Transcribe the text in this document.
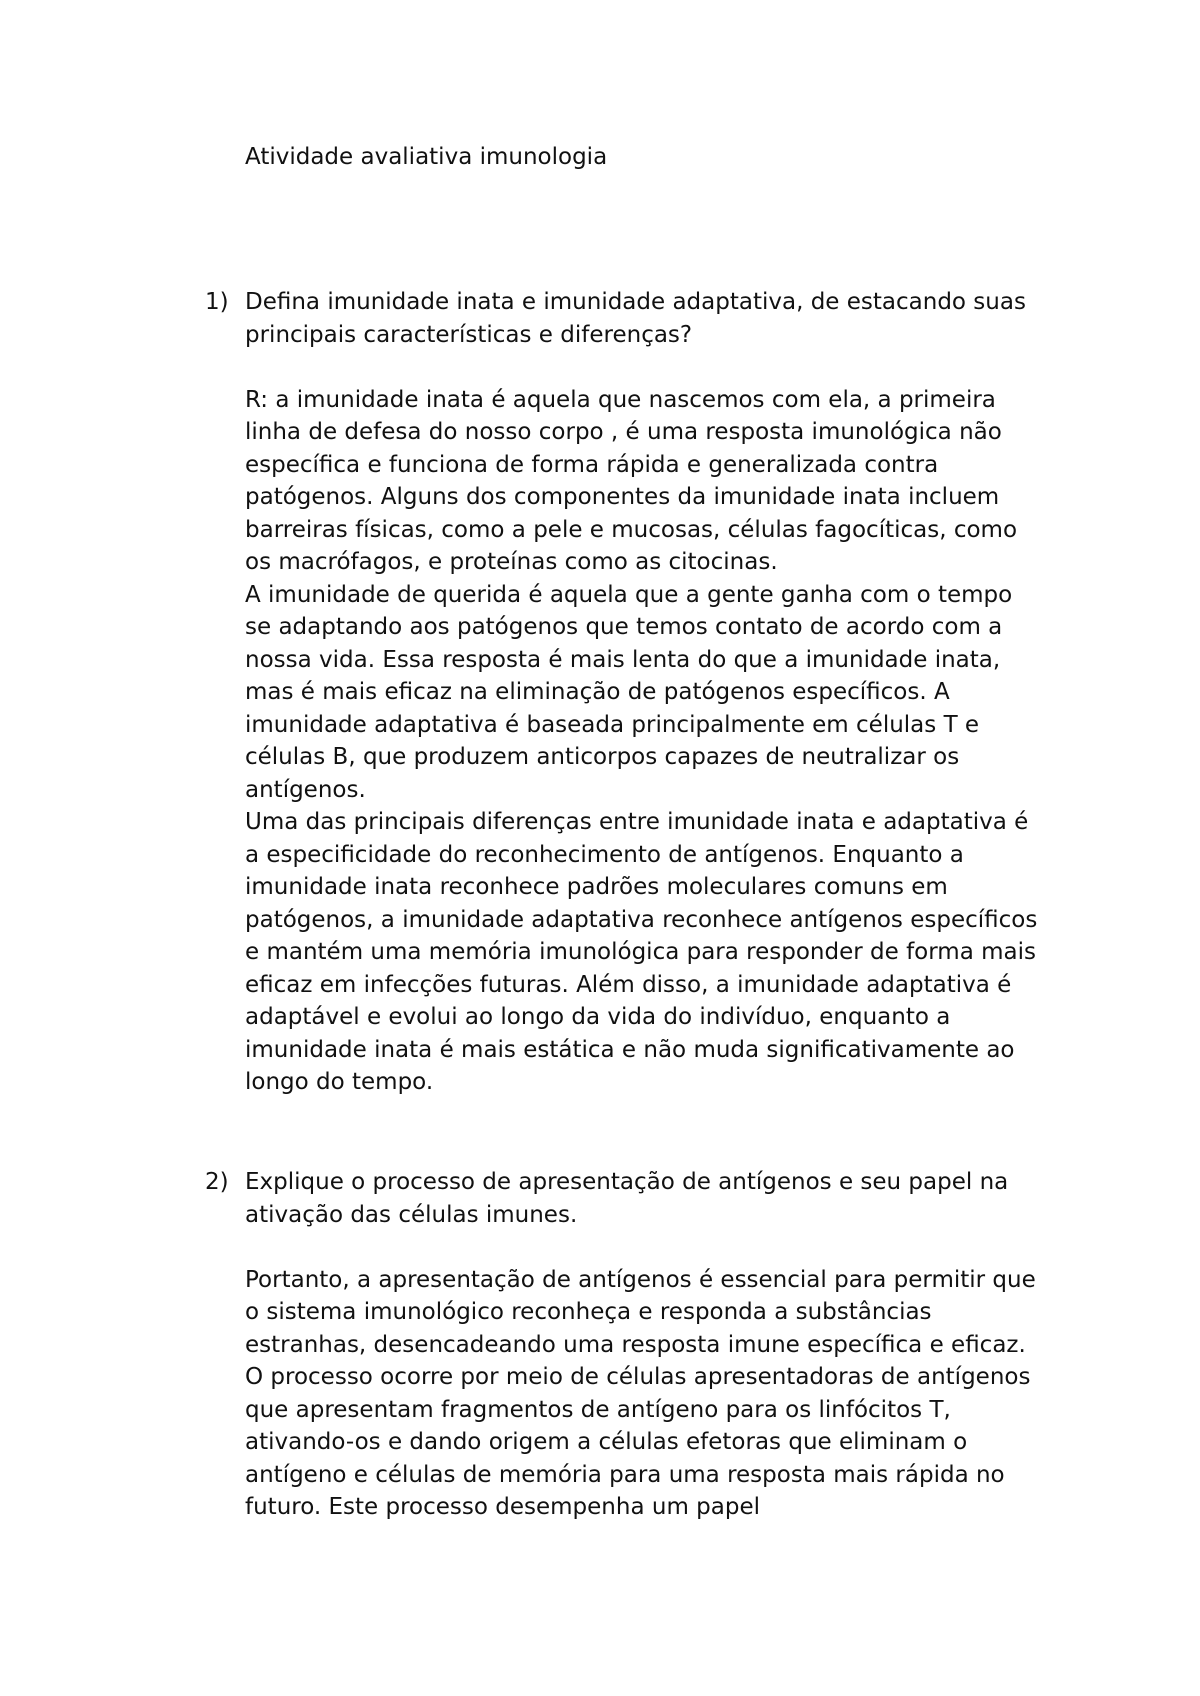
Atividade avaliativa imunologia
1) Defina imunidade inata e imunidade adaptativa, de estacando suas principais características e diferenças?

R: a imunidade inata é aquela que nascemos com ela, a primeira linha de defesa do nosso corpo , é uma resposta imunológica não específica e funciona de forma rápida e generalizada contra patógenos. Alguns dos componentes da imunidade inata incluem barreiras físicas, como a pele e mucosas, células fagocíticas, como os macrófagos, e proteínas como as citocinas.

A imunidade de querida é aquela que a gente ganha com o tempo se adaptando aos patógenos que temos contato de acordo com a nossa vida. Essa resposta é mais lenta do que a imunidade inata, mas é mais eficaz na eliminação de patógenos específicos. A imunidade adaptativa é baseada principalmente em células T e células B, que produzem anticorpos capazes de neutralizar os antígenos.

Uma das principais diferenças entre imunidade inata e adaptativa é a especificidade do reconhecimento de antígenos. Enquanto a imunidade inata reconhece padrões moleculares comuns em patógenos, a imunidade adaptativa reconhece antígenos específicos e mantém uma memória imunológica para responder de forma mais eficaz em infecções futuras. Além disso, a imunidade adaptativa é adaptável e evolui ao longo da vida do indivíduo, enquanto a imunidade inata é mais estática e não muda significativamente ao longo do tempo.

2) Explique o processo de apresentação de antígenos e seu papel na ativação das células imunes.

Portanto, a apresentação de antígenos é essencial para permitir que o sistema imunológico reconheça e responda a substâncias estranhas, desencadeando uma resposta imune específica e eficaz. O processo ocorre por meio de células apresentadoras de antígenos que apresentam fragmentos de antígeno para os linfócitos T, ativando-os e dando origem a células efetoras que eliminam o antígeno e células de memória para uma resposta mais rápida no futuro. Este processo desempenha um papel
